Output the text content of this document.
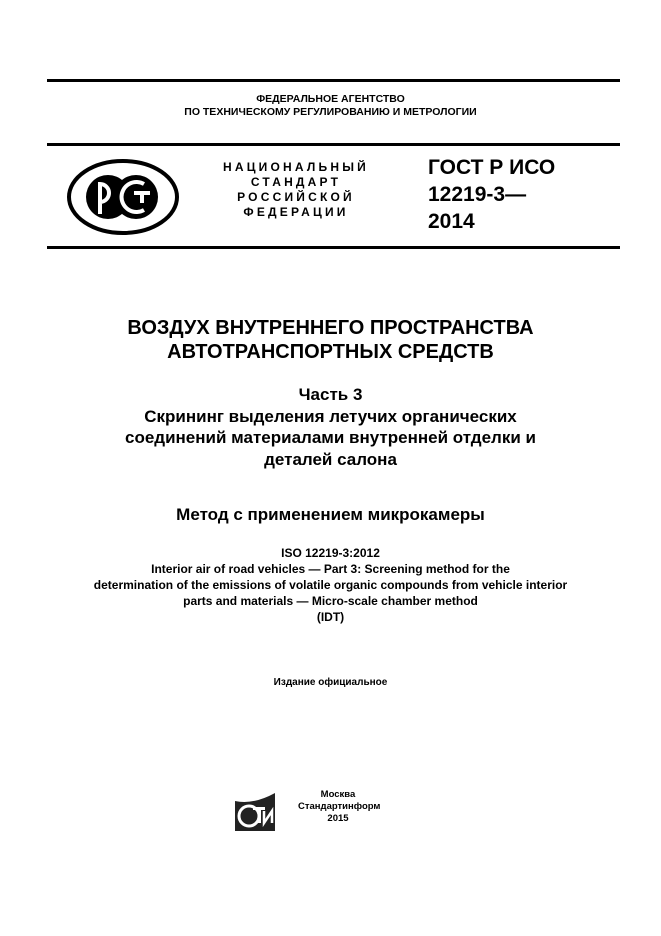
ФЕДЕРАЛЬНОЕ АГЕНТСТВО
ПО ТЕХНИЧЕСКОМУ РЕГУЛИРОВАНИЮ И МЕТРОЛОГИИ
НАЦИОНАЛЬНЫЙ
СТАНДАРТ
РОССИЙСКОЙ
ФЕДЕРАЦИИ
ГОСТ Р ИСО
12219-3—
2014
ВОЗДУХ ВНУТРЕННЕГО ПРОСТРАНСТВА
АВТОТРАНСПОРТНЫХ СРЕДСТВ
Часть 3
Скрининг выделения летучих органических
соединений материалами внутренней отделки и
деталей салона
Метод с применением микрокамеры
ISO 12219-3:2012
Interior air of road vehicles — Part 3: Screening method for the
determination of the emissions of volatile organic compounds from vehicle interior
parts and materials — Micro-scale chamber method
(IDT)
Издание официальное
Москва
Стандартинформ
2015
